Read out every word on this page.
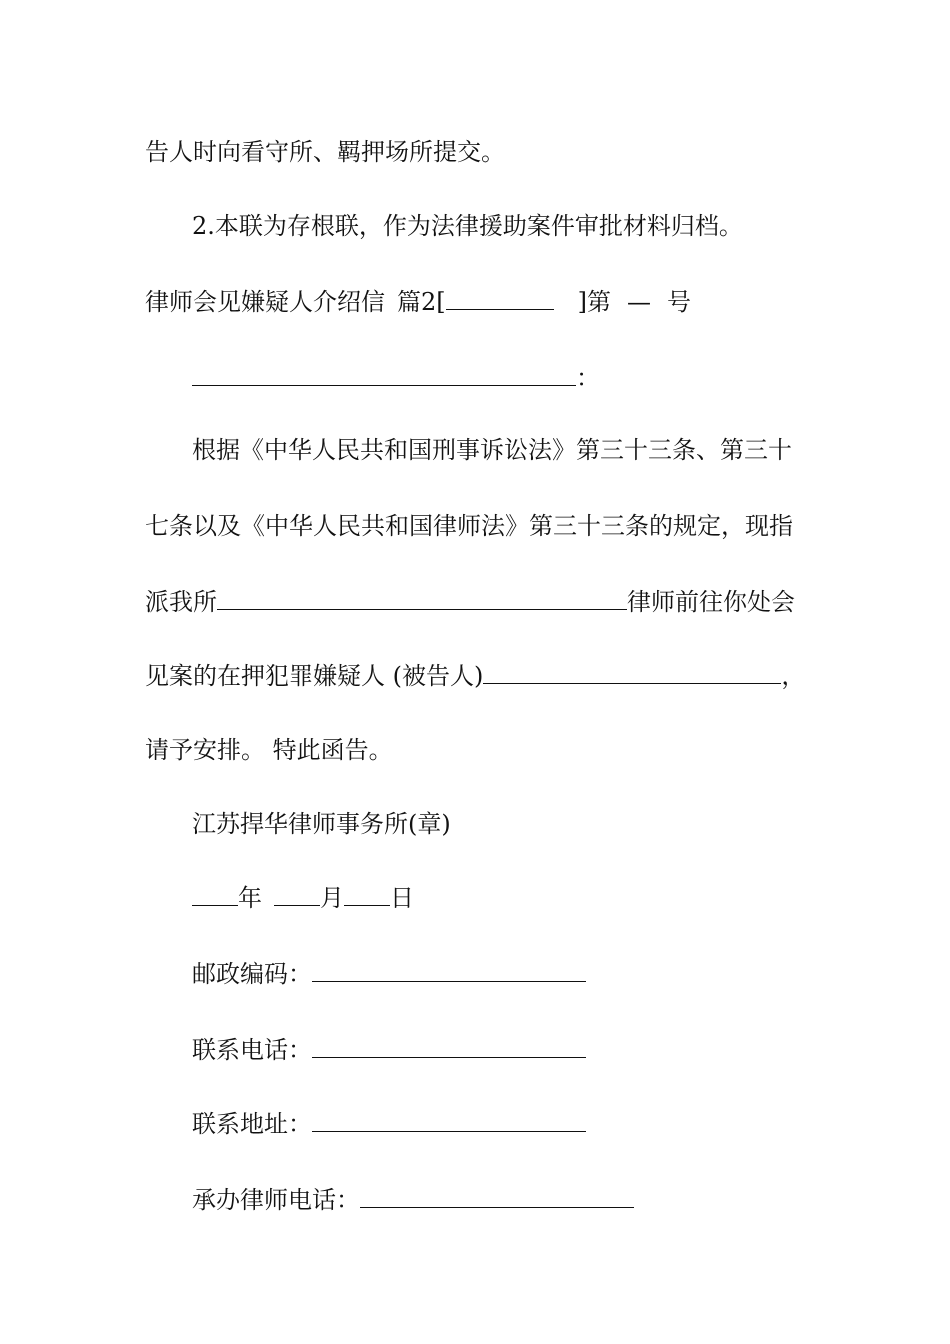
告人时向看守所、羁押场所提交。
2.本联为存根联，作为法律援助案件审批材料归档。
律师会见嫌疑人介绍信 篇2[	]第 — 号
：
根据《中华人民共和国刑事诉讼法》第三十三条、第三十
七条以及《中华人民共和国律师法》第三十三条的规定，现指
派我所	律师前往你处会
见案的在押犯罪嫌疑人 (被告人)	，
请予安排。 特此函告。
江苏捍华律师事务所(章)
年 月 日
邮政编码：
联系电话：
联系地址：
承办律师电话：
